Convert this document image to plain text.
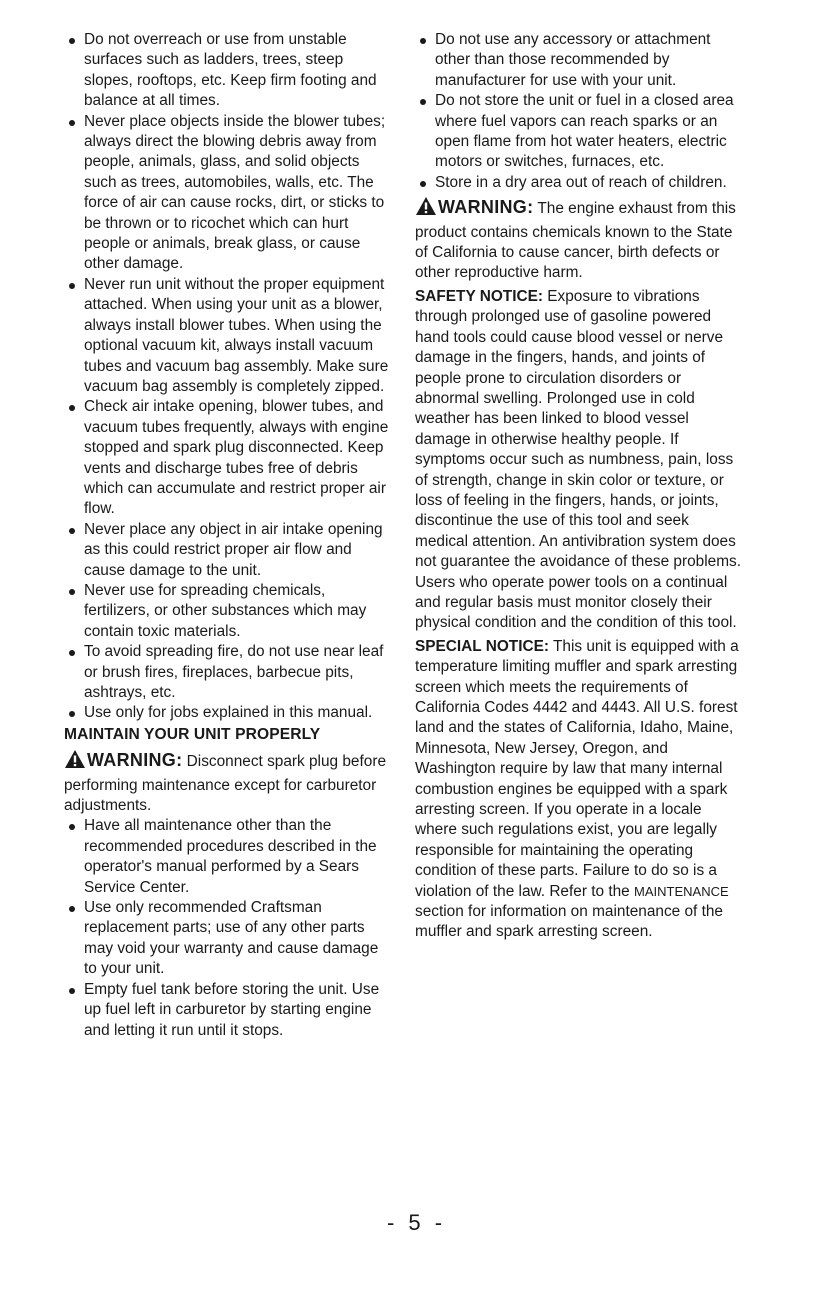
Do not overreach or use from unstable surfaces such as ladders, trees, steep slopes, rooftops, etc. Keep firm footing and balance at all times.
Never place objects inside the blower tubes; always direct the blowing debris away from people, animals, glass, and solid objects such as trees, automobiles, walls, etc. The force of air can cause rocks, dirt, or sticks to be thrown or to ricochet which can hurt people or animals, break glass, or cause other damage.
Never run unit without the proper equipment attached. When using your unit as a blower, always install blower tubes. When using the optional vacuum kit, always install vacuum tubes and vacuum bag assembly. Make sure vacuum bag assembly is completely zipped.
Check air intake opening, blower tubes, and vacuum tubes frequently, always with engine stopped and spark plug disconnected. Keep vents and discharge tubes free of debris which can accumulate and restrict proper air flow.
Never place any object in air intake opening as this could restrict proper air flow and cause damage to the unit.
Never use for spreading chemicals, fertilizers, or other substances which may contain toxic materials.
To avoid spreading fire, do not use near leaf or brush fires, fireplaces, barbecue pits, ashtrays, etc.
Use only for jobs explained in this manual.
MAINTAIN YOUR UNIT PROPERLY
WARNING: Disconnect spark plug before performing maintenance except for carburetor adjustments.
Have all maintenance other than the recommended procedures described in the operator's manual performed by a Sears Service Center.
Use only recommended Craftsman replacement parts; use of any other parts may void your warranty and cause damage to your unit.
Empty fuel tank before storing the unit. Use up fuel left in carburetor by starting engine and letting it run until it stops.
Do not use any accessory or attachment other than those recommended by manufacturer for use with your unit.
Do not store the unit or fuel in a closed area where fuel vapors can reach sparks or an open flame from hot water heaters, electric motors or switches, furnaces, etc.
Store in a dry area out of reach of children.
WARNING: The engine exhaust from this product contains chemicals known to the State of California to cause cancer, birth defects or other reproductive harm.
SAFETY NOTICE: Exposure to vibrations through prolonged use of gasoline powered hand tools could cause blood vessel or nerve damage in the fingers, hands, and joints of people prone to circulation disorders or abnormal swelling. Prolonged use in cold weather has been linked to blood vessel damage in otherwise healthy people. If symptoms occur such as numbness, pain, loss of strength, change in skin color or texture, or loss of feeling in the fingers, hands, or joints, discontinue the use of this tool and seek medical attention. An antivibration system does not guarantee the avoidance of these problems. Users who operate power tools on a continual and regular basis must monitor closely their physical condition and the condition of this tool.
SPECIAL NOTICE: This unit is equipped with a temperature limiting muffler and spark arresting screen which meets the requirements of California Codes 4442 and 4443. All U.S. forest land and the states of California, Idaho, Maine, Minnesota, New Jersey, Oregon, and Washington require by law that many internal combustion engines be equipped with a spark arresting screen. If you operate in a locale where such regulations exist, you are legally responsible for maintaining the operating condition of these parts. Failure to do so is a violation of the law. Refer to the MAINTENANCE section for information on maintenance of the muffler and spark arresting screen.
- 5 -
